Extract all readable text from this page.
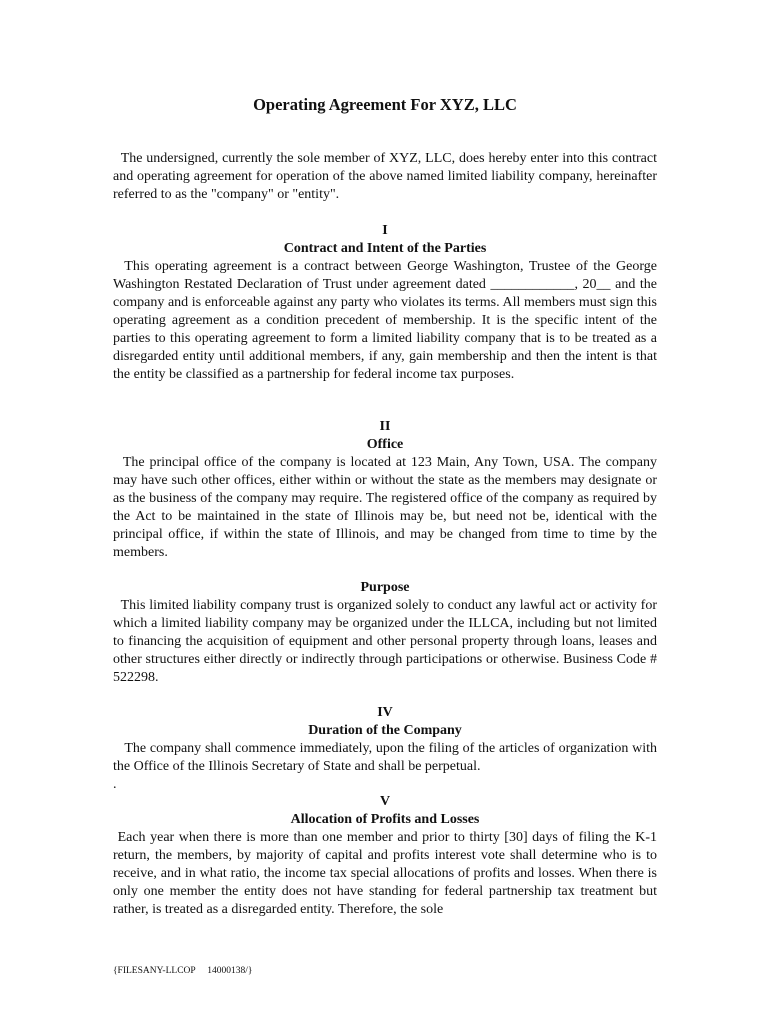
Operating Agreement For XYZ, LLC
The undersigned, currently the sole member of XYZ, LLC, does hereby enter into this contract and operating agreement for operation of the above named limited liability company, hereinafter referred to as the "company" or "entity".
I
Contract and Intent of the Parties
This operating agreement is a contract between George Washington, Trustee of the George Washington Restated Declaration of Trust under agreement dated ____________, 20__ and the company and is enforceable against any party who violates its terms. All members must sign this operating agreement as a condition precedent of membership. It is the specific intent of the parties to this operating agreement to form a limited liability company that is to be treated as a disregarded entity until additional members, if any, gain membership and then the intent is that the entity be classified as a partnership for federal income tax purposes.
II
Office
The principal office of the company is located at 123 Main, Any Town, USA. The company may have such other offices, either within or without the state as the members may designate or as the business of the company may require. The registered office of the company as required by the Act to be maintained in the state of Illinois may be, but need not be, identical with the principal office, if within the state of Illinois, and may be changed from time to time by the members.
Purpose
This limited liability company trust is organized solely to conduct any lawful act or activity for which a limited liability company may be organized under the ILLCA, including but not limited to financing the acquisition of equipment and other personal property through loans, leases and other structures either directly or indirectly through participations or otherwise. Business Code # 522298.
IV
Duration of the Company
The company shall commence immediately, upon the filing of the articles of organization with the Office of the Illinois Secretary of State and shall be perpetual.
.
V
Allocation of Profits and Losses
Each year when there is more than one member and prior to thirty [30] days of filing the K-1 return, the members, by majority of capital and profits interest vote shall determine who is to receive, and in what ratio, the income tax special allocations of profits and losses. When there is only one member the entity does not have standing for federal partnership tax treatment but rather, is treated as a disregarded entity. Therefore, the sole
{FILESANY-LLCOP     14000138/}
